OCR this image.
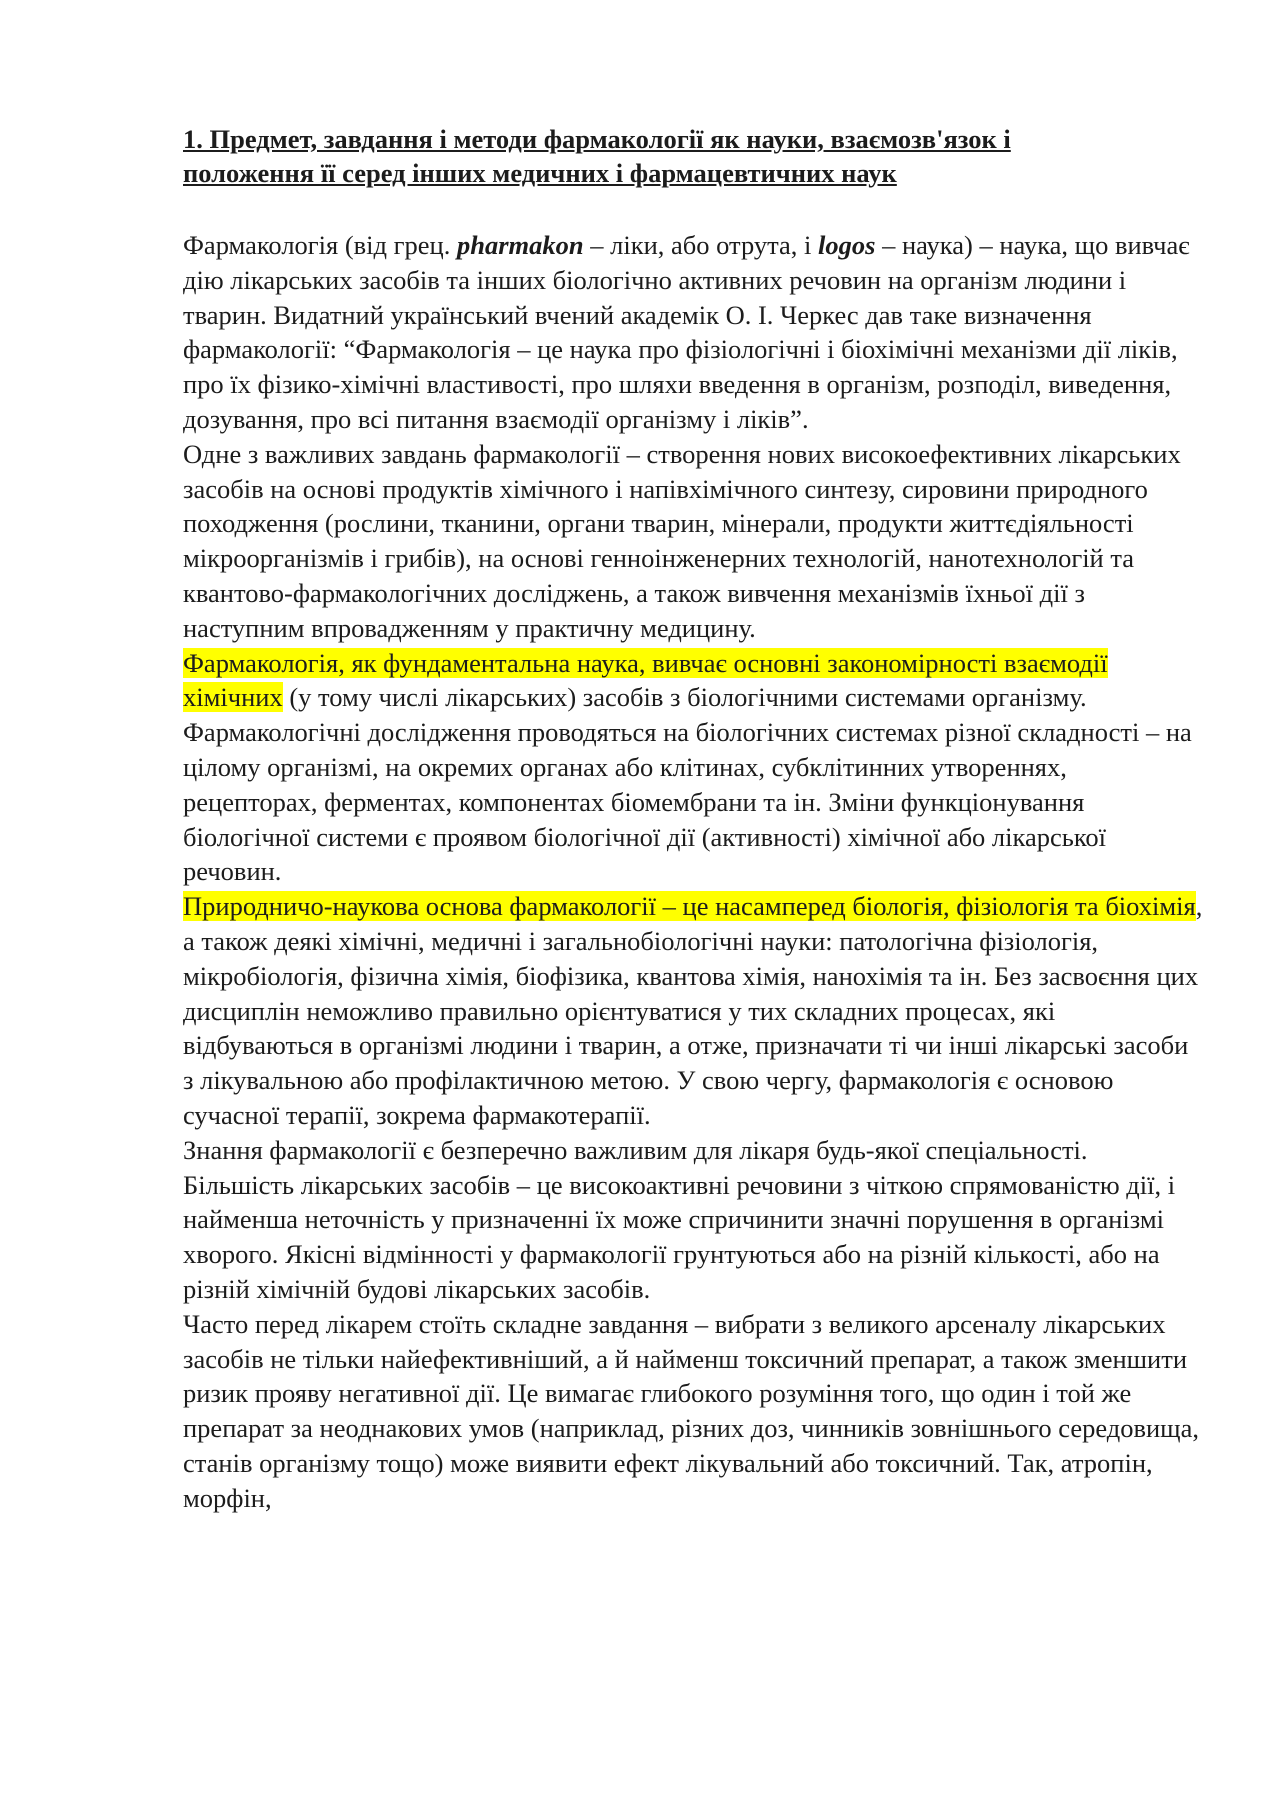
1. Предмет, завдання і методи фармакології як науки, взаємозв'язок і
положення її серед інших медичних і фармацевтичних наук

Фармакологія (від грец. pharmakon – ліки, або отрута, і logos – наука) – наука, що вивчає дію лікарських засобів та інших біологічно активних речовин на організм людини і тварин. Видатний український вчений академік О. І. Черкес дав таке визначення фармакології: “Фармакологія – це наука про фізіологічні і біохімічні механізми дії ліків, про їх фізико-хімічні властивості, про шляхи введення в організм, розподіл, виведення, дозування, про всі питання взаємодії організму і ліків”.

Одне з важливих завдань фармакології – створення нових високоефективних лікарських засобів на основі продуктів хімічного і напівхімічного синтезу, сировини природного походження (рослини, тканини, органи тварин, мінерали, продукти життєдіяльності мікроорганізмів і грибів), на основі генноінженерних технологій, нанотехнологій та квантово-фармакологічних досліджень, а також вивчення механізмів їхньої дії з наступним впровадженням у практичну медицину.

Фармакологія, як фундаментальна наука, вивчає основні закономірності взаємодії хімічних (у тому числі лікарських) засобів з біологічними системами організму.

Фармакологічні дослідження проводяться на біологічних системах різної складності – на цілому організмі, на окремих органах або клітинах, субклітинних утвореннях, рецепторах, ферментах, компонентах біомембрани та ін. Зміни функціонування біологічної системи є проявом біологічної дії (активності) хімічної або лікарської речовин.

Природничо-наукова основа фармакології – це насамперед біологія, фізіологія та біохімія, а також деякі хімічні, медичні і загальнобіологічні науки: патологічна фізіологія, мікробіологія, фізична хімія, біофізика, квантова хімія, нанохімія та ін. Без засвоєння цих дисциплін неможливо правильно орієнтуватися у тих складних процесах, які відбуваються в організмі людини і тварин, а отже, призначати ті чи інші лікарські засоби з лікувальною або профілактичною метою. У свою чергу, фармакологія є основою сучасної терапії, зокрема фармакотерапії.

Знання фармакології є безперечно важливим для лікаря будь-якої спеціальності. Більшість лікарських засобів – це високоактивні речовини з чіткою спрямованістю дії, і найменша неточність у призначенні їх може спричинити значні порушення в організмі хворого. Якісні відмінності у фармакології грунтуються або на різній кількості, або на різній хімічній будові лікарських засобів.

Часто перед лікарем стоїть складне завдання – вибрати з великого арсеналу лікарських засобів не тільки найефективніший, а й найменш токсичний препарат, а також зменшити ризик прояву негативної дії. Це вимагає глибокого розуміння того, що один і той же препарат за неоднакових умов (наприклад, різних доз, чинників зовнішнього середовища, станів організму тощо) може виявити ефект лікувальний або токсичний. Так, атропін, морфін,
